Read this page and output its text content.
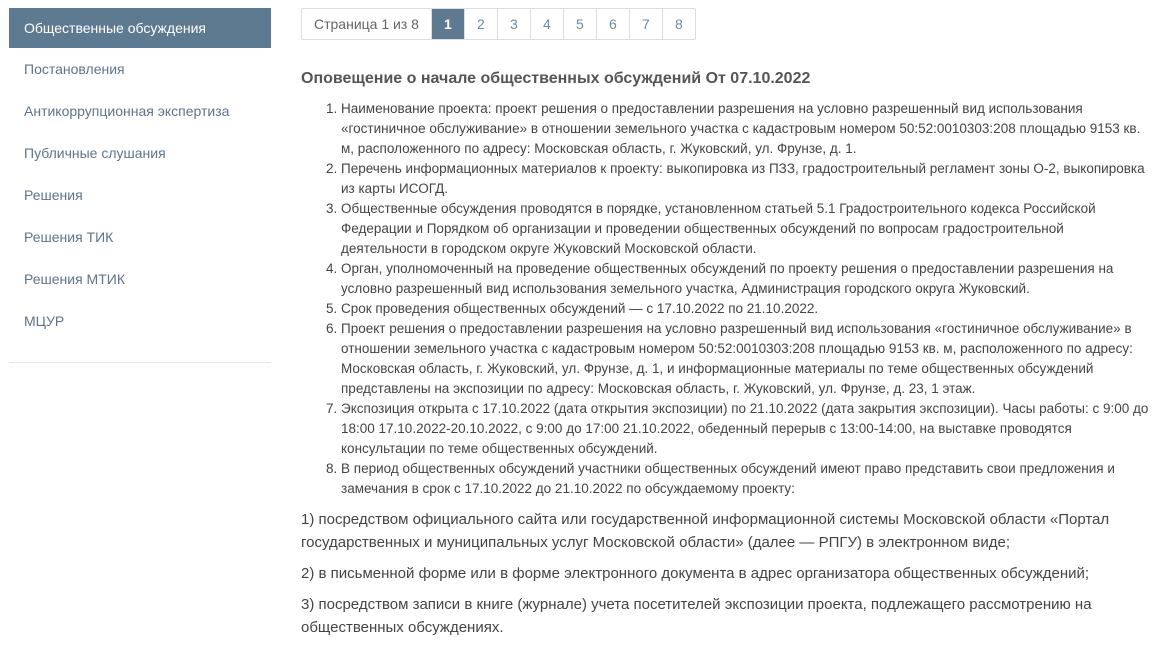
Общественные обсуждения
Постановления
Антикоррупционная экспертиза
Публичные слушания
Решения
Решения ТИК
Решения МТИК
МЦУР
Страница 1 из 8	1	2	3	4	5	6	7	8
Оповещение о начале общественных обсуждений От 07.10.2022
1. Наименование проекта: проект решения о предоставлении разрешения на условно разрешенный вид использования «гостиничное обслуживание» в отношении земельного участка с кадастровым номером 50:52:0010303:208 площадью 9153 кв. м, расположенного по адресу: Московская область, г. Жуковский, ул. Фрунзе, д. 1.
2. Перечень информационных материалов к проекту: выкопировка из ПЗЗ, градостроительный регламент зоны О-2, выкопировка из карты ИСОГД.
3. Общественные обсуждения проводятся в порядке, установленном статьей 5.1 Градостроительного кодекса Российской Федерации и Порядком об организации и проведении общественных обсуждений по вопросам градостроительной деятельности в городском округе Жуковский Московской области.
4. Орган, уполномоченный на проведение общественных обсуждений по проекту решения о предоставлении разрешения на условно разрешенный вид использования земельного участка, Администрация городского округа Жуковский.
5. Срок проведения общественных обсуждений — с 17.10.2022 по 21.10.2022.
6. Проект решения о предоставлении разрешения на условно разрешенный вид использования «гостиничное обслуживание» в отношении земельного участка с кадастровым номером 50:52:0010303:208 площадью 9153 кв. м, расположенного по адресу: Московская область, г. Жуковский, ул. Фрунзе, д. 1, и информационные материалы по теме общественных обсуждений представлены на экспозиции по адресу: Московская область, г. Жуковский, ул. Фрунзе, д. 23, 1 этаж.
7. Экспозиция открыта с 17.10.2022 (дата открытия экспозиции) по 21.10.2022 (дата закрытия экспозиции). Часы работы: с 9:00 до 18:00 17.10.2022-20.10.2022, с 9:00 до 17:00 21.10.2022, обеденный перерыв с 13:00-14:00, на выставке проводятся консультации по теме общественных обсуждений.
8. В период общественных обсуждений участники общественных обсуждений имеют право представить свои предложения и замечания в срок с 17.10.2022 до 21.10.2022 по обсуждаемому проекту:

1) посредством официального сайта или государственной информационной системы Московской области «Портал государственных и муниципальных услуг Московской области» (далее — РПГУ) в электронном виде;

2) в письменной форме или в форме электронного документа в адрес организатора общественных обсуждений;

3) посредством записи в книге (журнале) учета посетителей экспозиции проекта, подлежащего рассмотрению на общественных обсуждениях.
